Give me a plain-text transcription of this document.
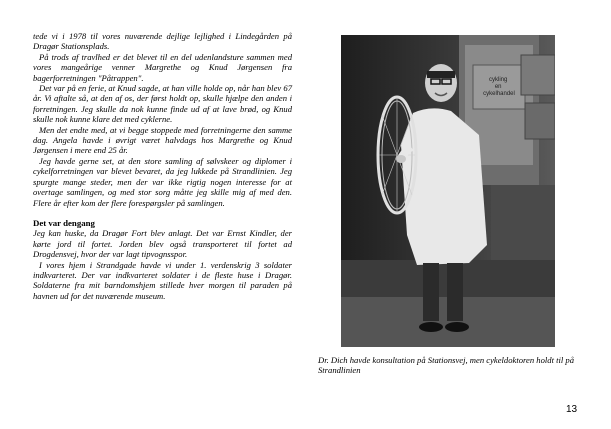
tede vi i 1978 til vores nuværende dejlige lejlighed i Lindegården på Dragør Stationsplads.

På trods af travlhed er det blevet til en del udenlandsture sammen med vores mangeårige venner Margrethe og Knud Jørgensen fra bagerforretningen "Påtrappen".

Det var på en ferie, at Knud sagde, at han ville holde op, når han blev 67 år. Vi aftalte så, at den af os, der først holdt op, skulle hjælpe den anden i forretningen. Jeg skulle da nok kunne finde ud af at lave brød, og Knud skulle nok kunne klare det med cyklerne.

Men det endte med, at vi begge stoppede med forretningerne den samme dag. Angela havde i øvrigt været halvdags hos Margrethe og Knud Jørgensen i mere end 25 år.

Jeg havde gerne set, at den store samling af sølvskeer og diplomer i cykelforretningen var blevet bevaret, da jeg lukkede på Strandlinien. Jeg spurgte mange steder, men der var ikke rigtig nogen interesse for at overtage samlingen, og med stor sorg måtte jeg skille mig af med den. Flere år efter kom der flere forespørgsler på samlingen.

Det var dengang

Jeg kan huske, da Dragør Fort blev anlagt. Det var Ernst Kindler, der kørte jord til fortet. Jorden blev også transporteret til fortet ad Drogdensvej, hvor der var lagt tipvognsspor.

I vores hjem i Strandgade havde vi under 1. verdenskrig 3 soldater indkvarteret. Der var indkvarteret soldater i de fleste huse i Dragør. Soldaterne fra mit barndomshjem stillede hver morgen til paraden på havnen ud for det nuværende museum.

cykling en cykelhandel
Dr. Dich havde konsultation på Stationsvej, men cykeldoktoren holdt til på Strandlinien
13
